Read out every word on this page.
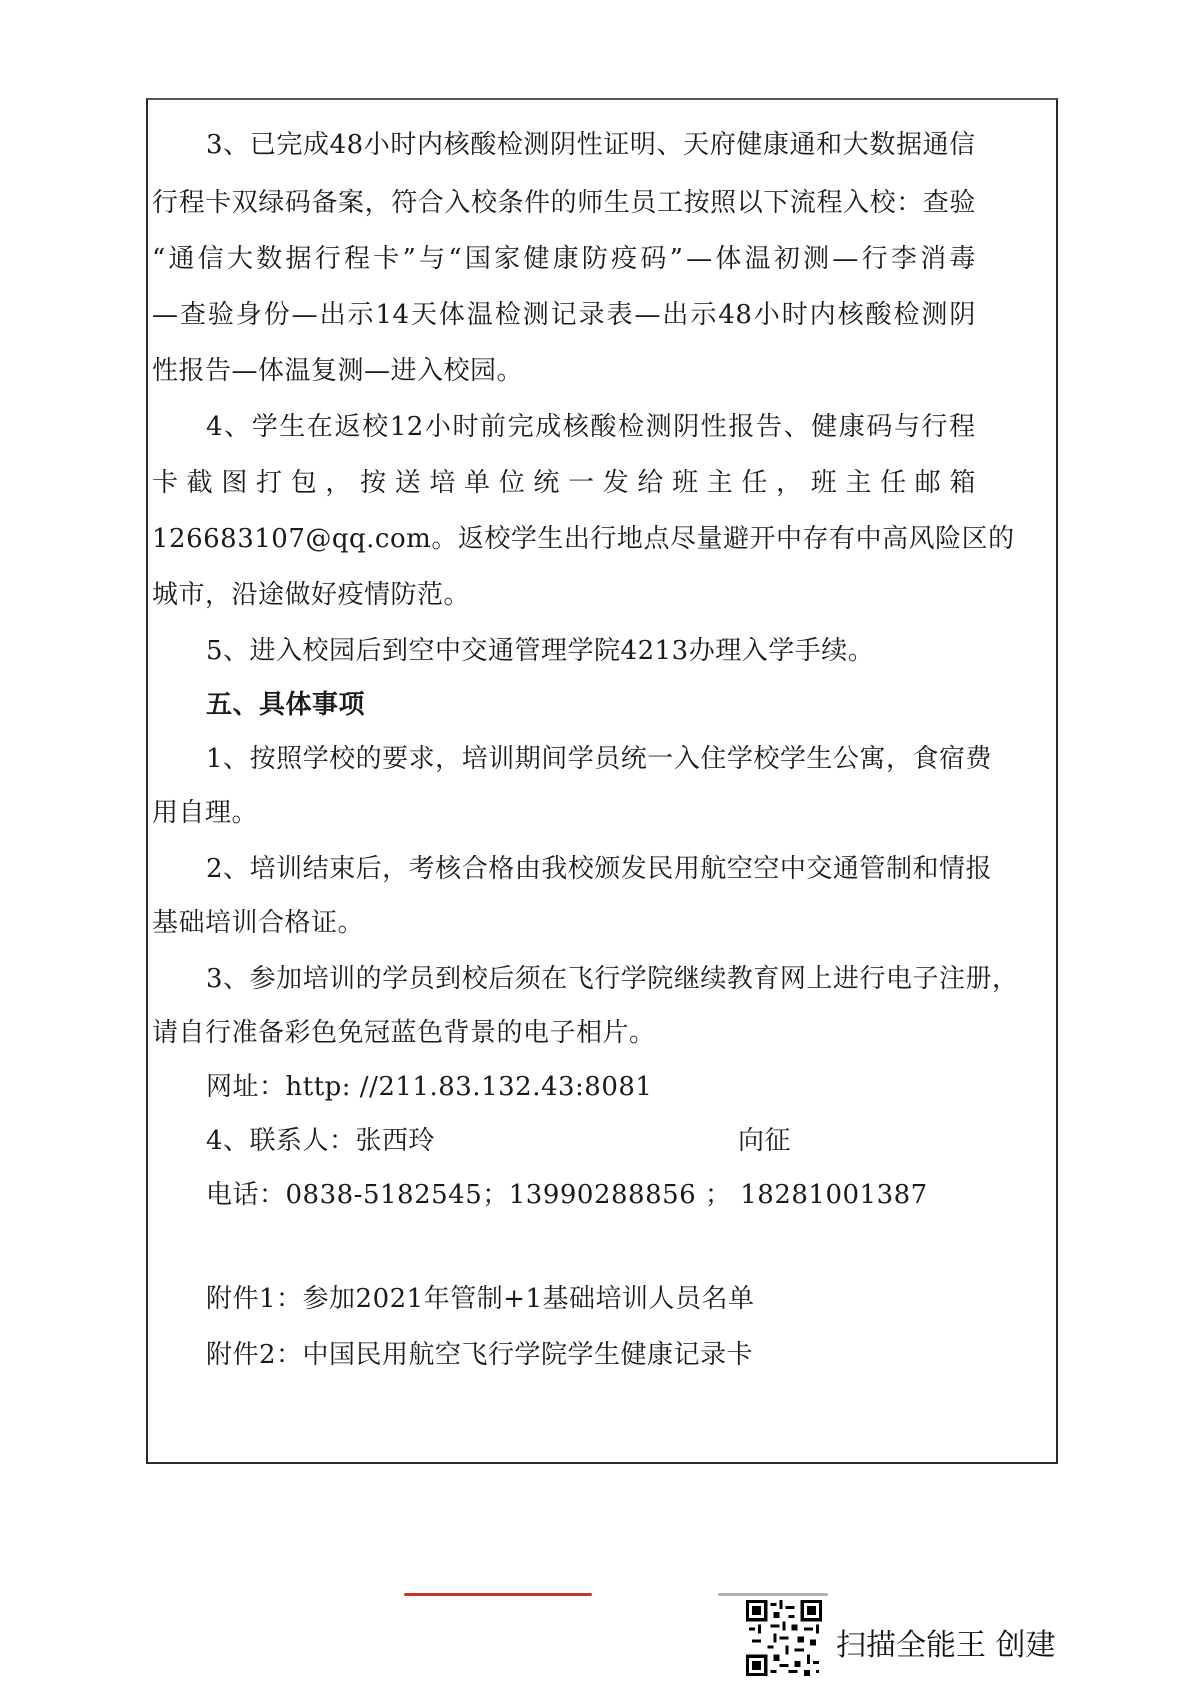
3 、 已 完 成 48 小 时 内 核 酸 检 测 阴 性 证 明 、 天 府 健 康 通 和 大 数 据 通 信
行 程 卡 双 绿 码 备 案 ， 符 合 入 校 条 件 的 师 生 员 工 按 照 以 下 流 程 入 校 ： 查 验
“ 通 信 大 数 据 行 程 卡 ” 与 “ 国 家 健 康 防 疫 码 ” — 体 温 初 测 — 行 李 消 毒
— 查 验 身 份 — 出 示 14 天 体 温 检 测 记 录 表 — 出 示 48 小 时 内 核 酸 检 测 阴
性报告—体温复测—进入校园。
4 、 学 生 在 返 校 12 小 时 前 完 成 核 酸 检 测 阴 性 报 告 、 健 康 码 与 行 程
卡 截 图 打 包 ， 按 送 培 单 位 统 一 发 给 班 主 任 ， 班 主 任 邮 箱
126683107@qq.com 。 返 校 学 生 出 行 地 点 尽 量 避 开 中 存 有 中 高 风 险 区 的
城市，沿途做好疫情防范。
5、进入校园后到空中交通管理学院4213办理入学手续。
五、具体事项
1 、 按 照 学 校 的 要 求 ， 培 训 期 间 学 员 统 一 入 住 学 校 学 生 公 寓 ， 食 宿 费
用自理。
2 、 培 训 结 束 后 ， 考 核 合 格 由 我 校 颁 发 民 用 航 空 空 中 交 通 管 制 和 情 报
基础培训合格证。
3 、 参 加 培 训 的 学 员 到 校 后 须 在 飞 行 学 院 继 续 教 育 网 上 进 行 电 子 注 册 ，
请自行准备彩色免冠蓝色背景的电子相片。
网址：http: //211.83.132.43:8081
4、联系人：张西玲	向征
电话：0838-5182545；13990288856 ； 18281001387
附件1：参加2021年管制+1基础培训人员名单
附件2：中国民用航空飞行学院学生健康记录卡
扫描全能王 创建
